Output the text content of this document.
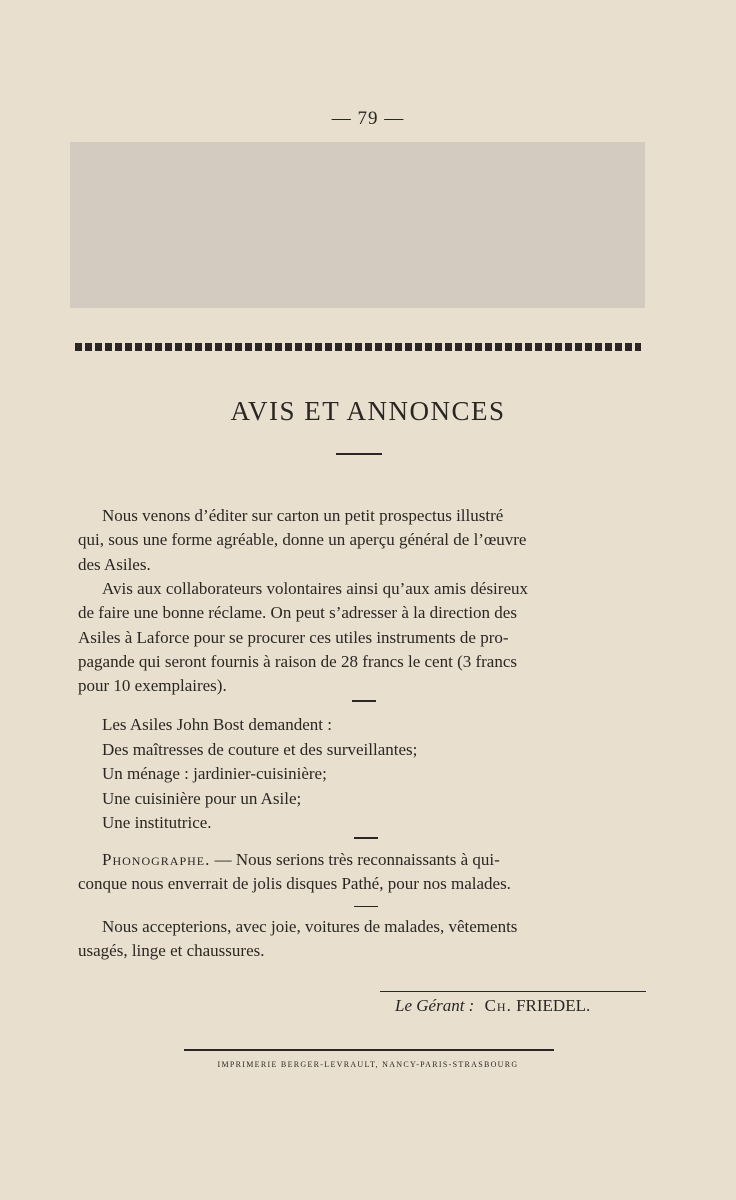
— 79 —
AVIS ET ANNONCES
Nous venons d’éditer sur carton un petit prospectus illustré
qui, sous une forme agréable, donne un aperçu général de l’œuvre
des Asiles.
Avis aux collaborateurs volontaires ainsi qu’aux amis désireux
de faire une bonne réclame. On peut s’adresser à la direction des
Asiles à Laforce pour se procurer ces utiles instruments de pro-
pagande qui seront fournis à raison de 28 francs le cent (3 francs
pour 10 exemplaires).
Les Asiles John Bost demandent :
Des maîtresses de couture et des surveillantes;
Un ménage : jardinier-cuisinière;
Une cuisinière pour un Asile;
Une institutrice.
Phonographe. — Nous serions très reconnaissants à qui-
conque nous enverrait de jolis disques Pathé, pour nos malades.
Nous accepterions, avec joie, voitures de malades, vêtements
usagés, linge et chaussures.
Le Gérant : Ch. FRIEDEL.
IMPRIMERIE BERGER-LEVRAULT, NANCY-PARIS-STRASBOURG
